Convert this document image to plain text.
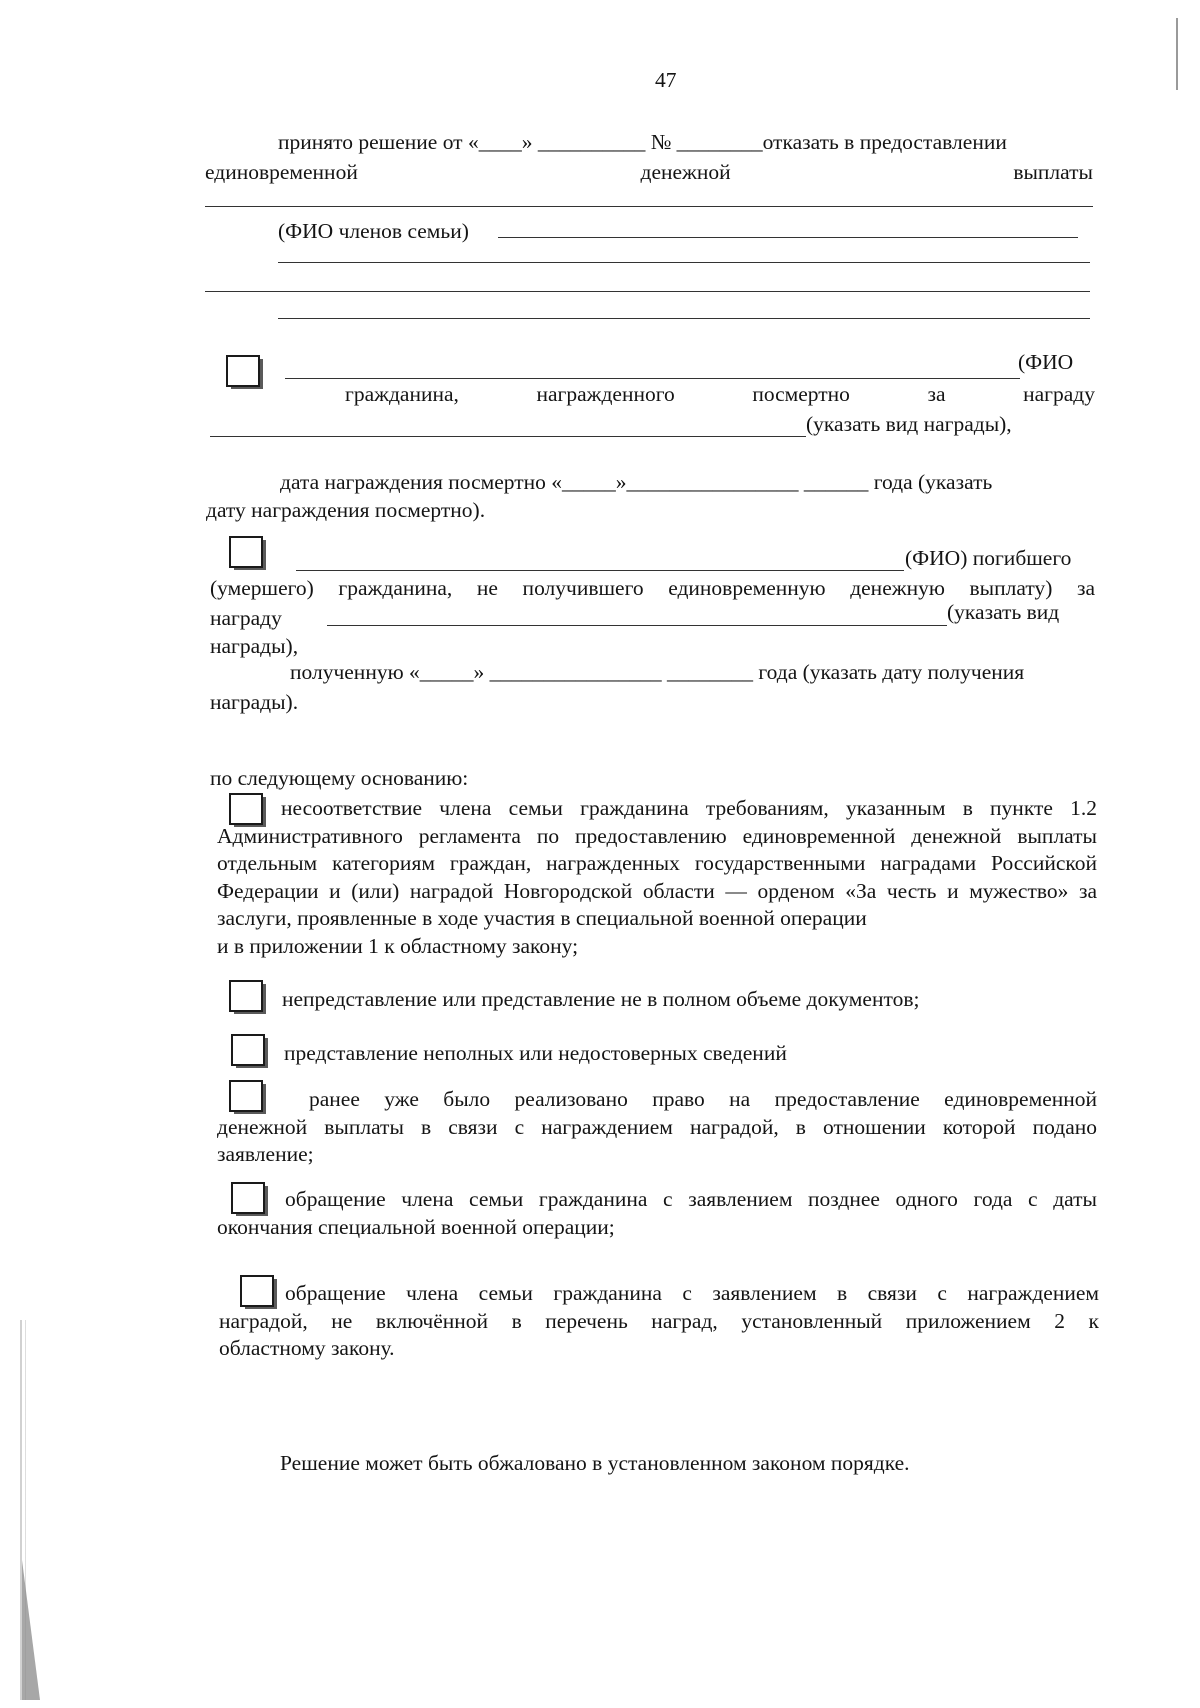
47
принято решение от «____» __________ № ________отказать в предоставлении
единовременной	денежной	выплаты
(ФИО членов семьи)
(ФИО
гражданина,	награжденного	посмертно	за	награду
(указать вид награды),
дата награждения посмертно «_____»________________ ______ года (указать
дату награждения посмертно).
(ФИО) погибшего
(умершего) гражданина, не получившего единовременную денежную выплату) за
награду	(указать вид
награды),
полученную «_____» ________________ ________ года (указать дату получения
награды).
по следующему основанию:
несоответствие члена семьи гражданина требованиям, указанным в пункте 1.2
Административного регламента по предоставлению единовременной денежной выплаты отдельным категориям граждан, награжденных государственными наградами Российской Федерации и (или) наградой Новгородской области — орденом «За честь и мужество» за заслуги, проявленные в ходе участия в специальной военной операции
и в приложении 1 к областному закону;
непредставление или представление не в полном объеме документов;
представление неполных или недостоверных сведений
ранее уже было реализовано право на предоставление единовременной
денежной выплаты в связи с награждением наградой, в отношении которой подано
заявление;
обращение члена семьи гражданина с заявлением позднее одного года с даты
окончания специальной военной операции;
обращение члена семьи гражданина с заявлением в связи с награждением
наградой, не включённой в перечень наград, установленный приложением 2 к
областному закону.
Решение может быть обжаловано в установленном законом порядке.
